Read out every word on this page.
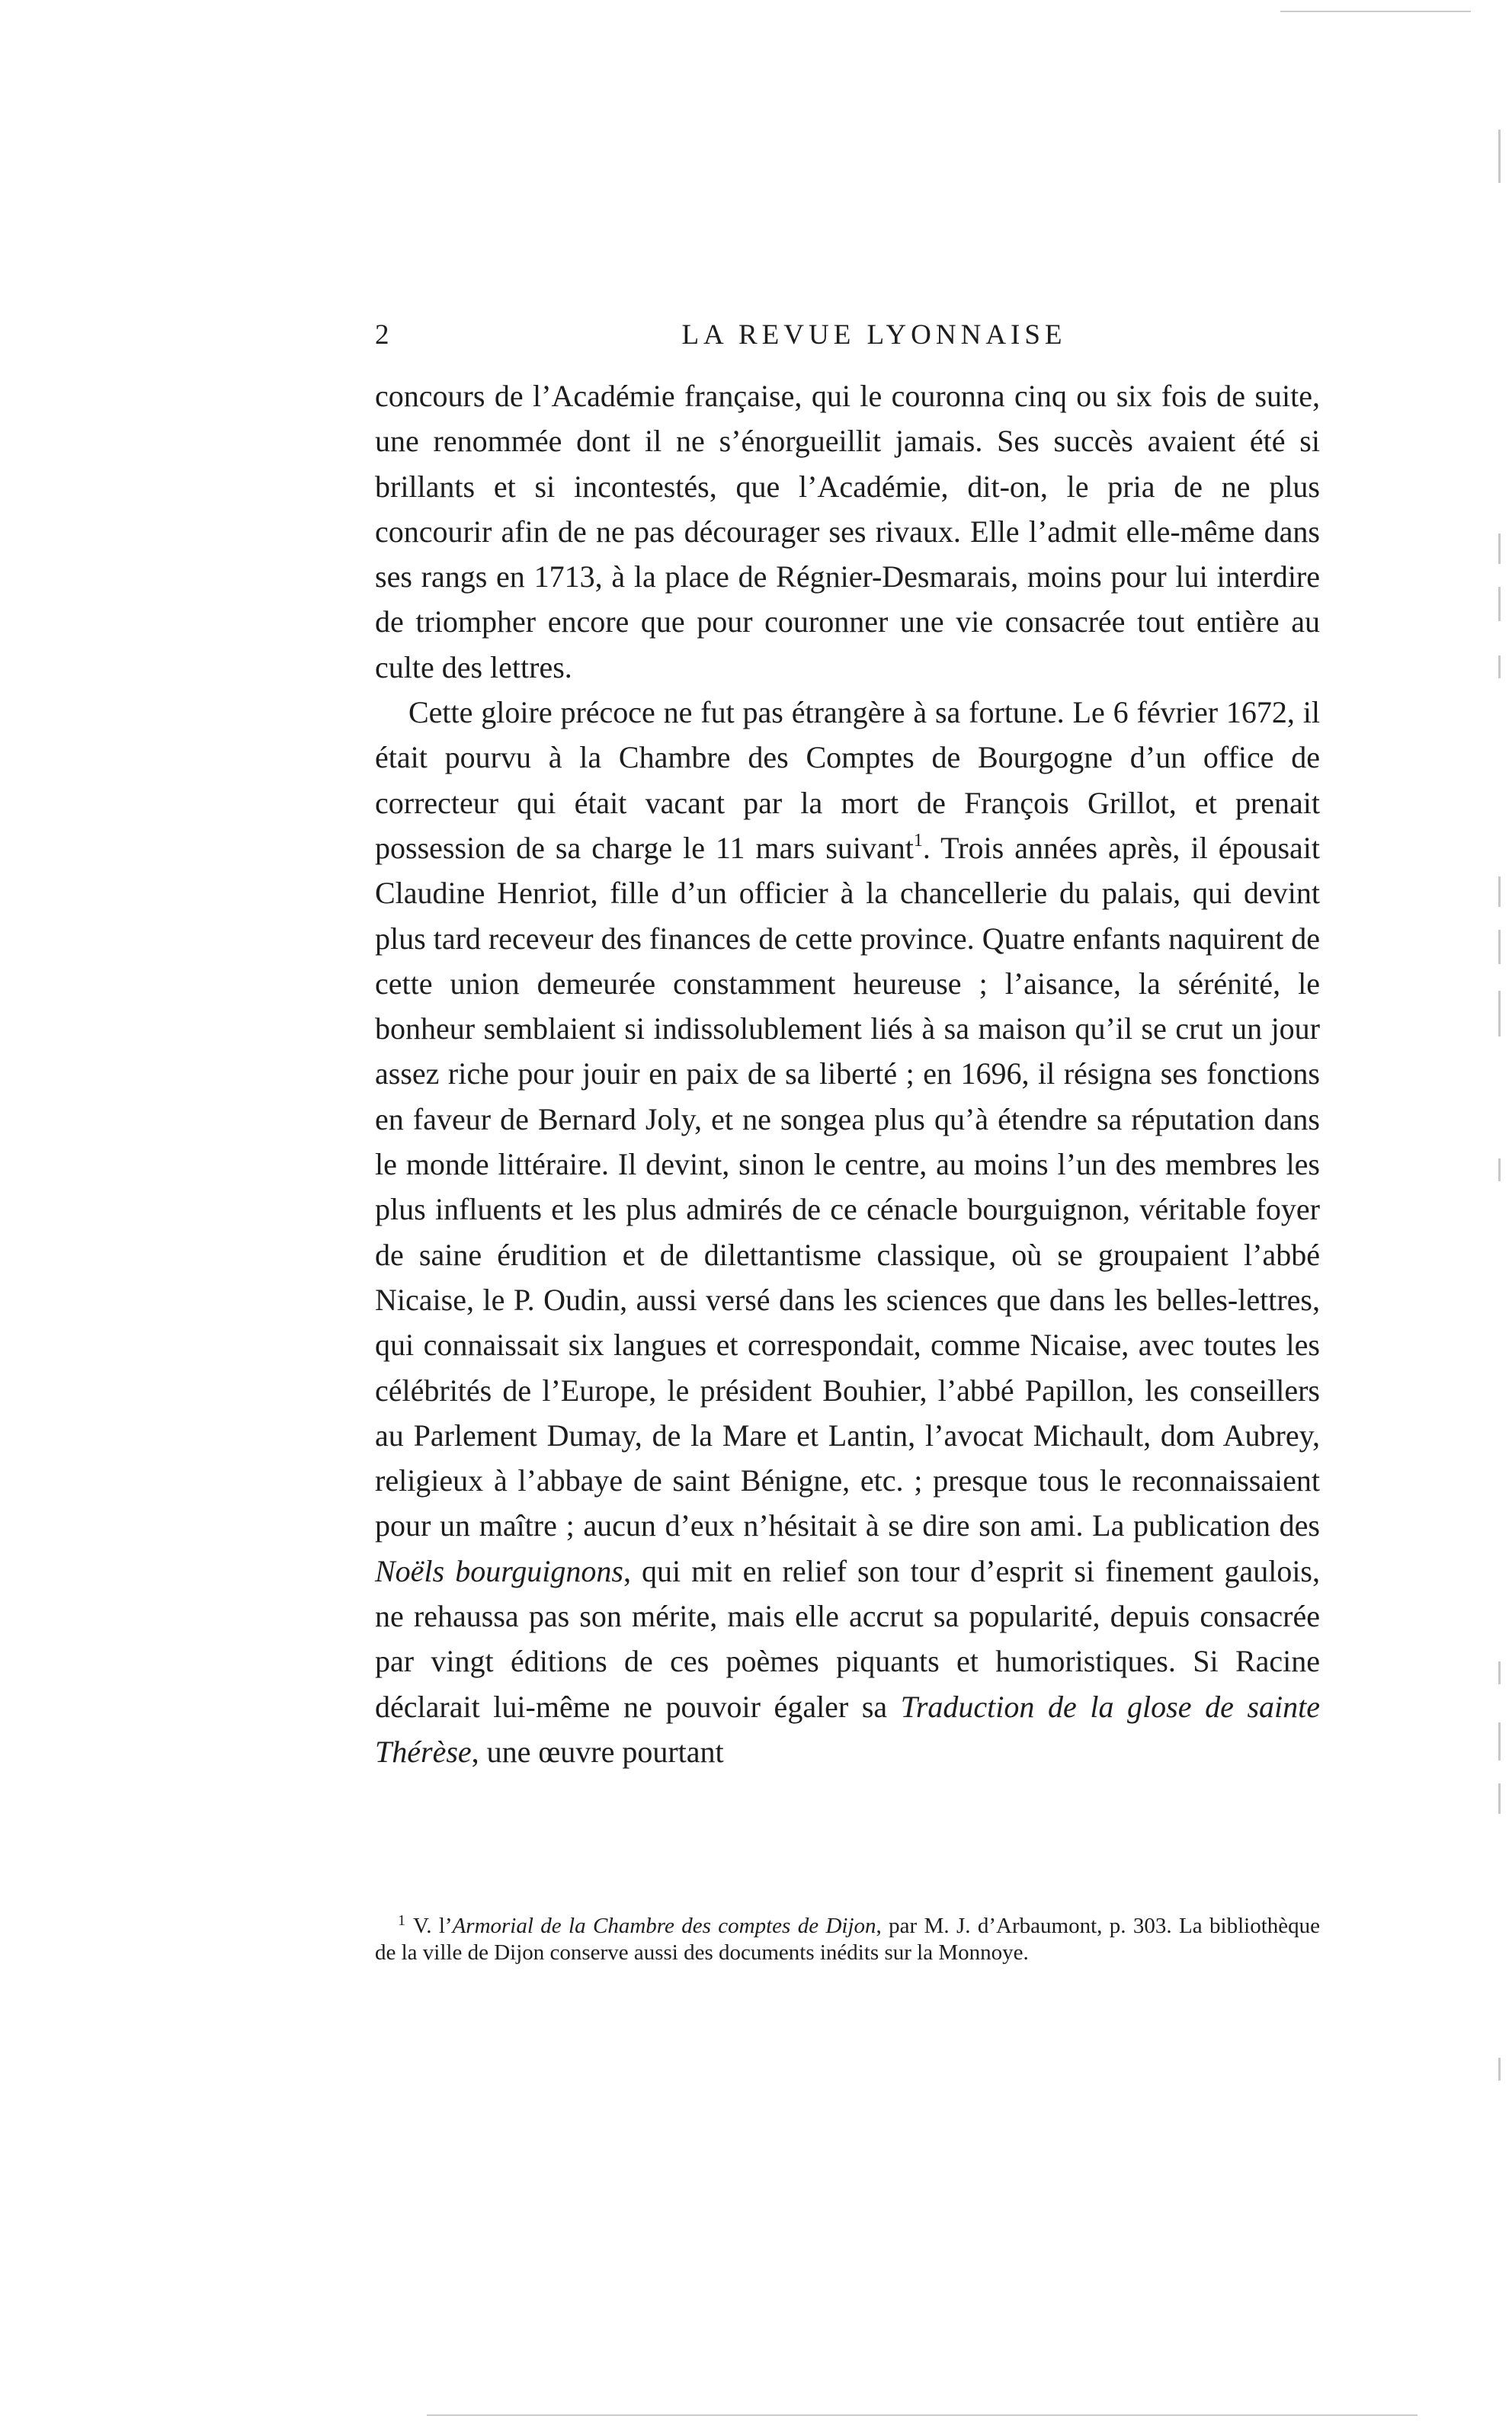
2	LA REVUE LYONNAISE

concours de l’Académie française, qui le couronna cinq ou six fois de suite, une renommée dont il ne s’énorgueillit jamais. Ses succès avaient été si brillants et si incontestés, que l’Académie, dit-on, le pria de ne plus concourir afin de ne pas décourager ses rivaux. Elle l’admit elle-même dans ses rangs en 1713, à la place de Régnier-Desmarais, moins pour lui interdire de triompher encore que pour couronner une vie consacrée tout entière au culte des lettres.

Cette gloire précoce ne fut pas étrangère à sa fortune. Le 6 février 1672, il était pourvu à la Chambre des Comptes de Bourgogne d’un office de correcteur qui était vacant par la mort de François Grillot, et prenait possession de sa charge le 11 mars suivant$^1$. Trois années après, il épousait Claudine Henriot, fille d’un officier à la chancellerie du palais, qui devint plus tard receveur des finances de cette province. Quatre enfants naquirent de cette union demeurée constamment heureuse ; l’aisance, la sérénité, le bonheur semblaient si indissolublement liés à sa maison qu’il se crut un jour assez riche pour jouir en paix de sa liberté ; en 1696, il résigna ses fonctions en faveur de Bernard Joly, et ne songea plus qu’à étendre sa réputation dans le monde littéraire. Il devint, sinon le centre, au moins l’un des membres les plus influents et les plus admirés de ce cénacle bourguignon, véritable foyer de saine érudition et de dilettantisme classique, où se groupaient l’abbé Nicaise, le P. Oudin, aussi versé dans les sciences que dans les belles-lettres, qui connaissait six langues et correspondait, comme Nicaise, avec toutes les célébrités de l’Europe, le président Bouhier, l’abbé Papillon, les conseillers au Parlement Dumay, de la Mare et Lantin, l’avocat Michault, dom Aubrey, religieux à l’abbaye de saint Bénigne, etc. ; presque tous le reconnaissaient pour un maître ; aucun d’eux n’hésitait à se dire son ami. La publication des Noëls bourguignons, qui mit en relief son tour d’esprit si finement gaulois, ne rehaussa pas son mérite, mais elle accrut sa popularité, depuis consacrée par vingt éditions de ces poèmes piquants et humoristiques. Si Racine déclarait lui-même ne pouvoir égaler sa Traduction de la glose de sainte Thérèse, une œuvre pourtant

$^1$ V. l’Armorial de la Chambre des comptes de Dijon, par M. J. d’Arbaumont, p. 303. La bibliothèque de la ville de Dijon conserve aussi des documents inédits sur la Monnoye.
